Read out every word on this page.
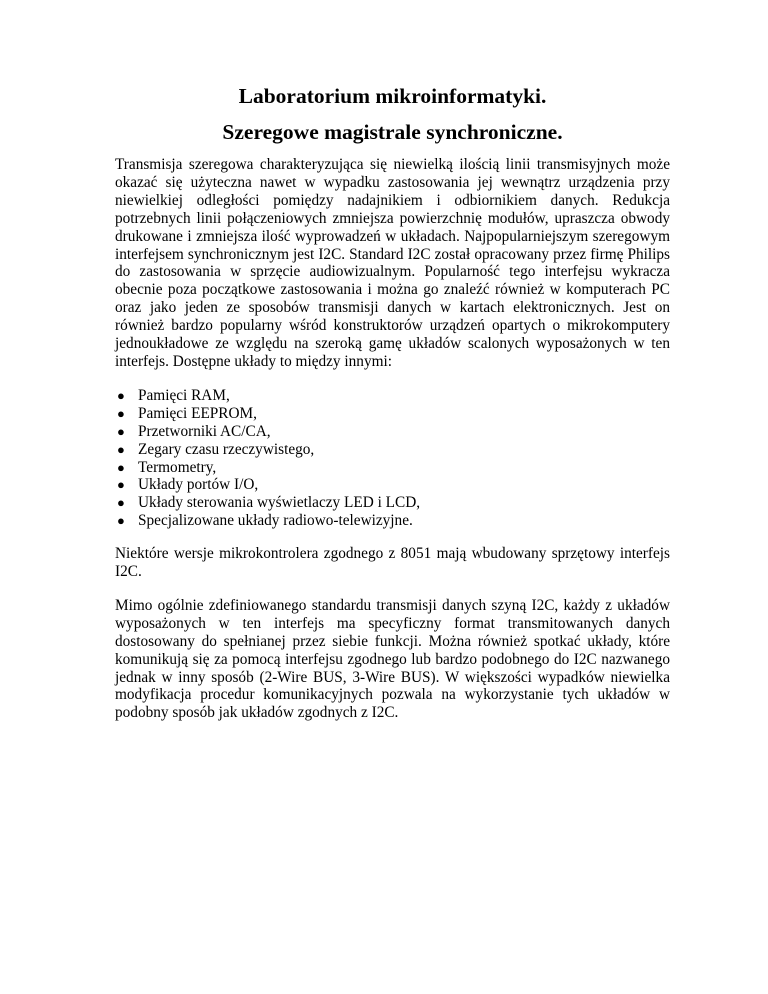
Laboratorium mikroinformatyki.
Szeregowe magistrale synchroniczne.

Transmisja szeregowa charakteryzująca się niewielką ilością linii transmisyjnych może okazać się użyteczna nawet w wypadku zastosowania jej wewnątrz urządzenia przy niewielkiej odległości pomiędzy nadajnikiem i odbiornikiem danych. Redukcja potrzebnych linii połączeniowych zmniejsza powierzchnię modułów, upraszcza obwody drukowane i zmniejsza ilość wyprowadzeń w układach. Najpopularniejszym szeregowym interfejsem synchronicznym jest I2C. Standard I2C został opracowany przez firmę Philips do zastosowania w sprzęcie audiowizualnym. Popularność tego interfejsu wykracza obecnie poza początkowe zastosowania i można go znaleźć również w komputerach PC oraz jako jeden ze sposobów transmisji danych w kartach elektronicznych. Jest on również bardzo popularny wśród konstruktorów urządzeń opartych o mikrokomputery jednoukładowe ze względu na szeroką gamę układów scalonych wyposażonych w ten interfejs. Dostępne układy to między innymi:

● Pamięci RAM,
● Pamięci EEPROM,
● Przetworniki AC/CA,
● Zegary czasu rzeczywistego,
● Termometry,
● Układy portów I/O,
● Układy sterowania wyświetlaczy LED i LCD,
● Specjalizowane układy radiowo-telewizyjne.

Niektóre wersje mikrokontrolera zgodnego z 8051 mają wbudowany sprzętowy interfejs I2C.

Mimo ogólnie zdefiniowanego standardu transmisji danych szyną I2C, każdy z układów wyposażonych w ten interfejs ma specyficzny format transmitowanych danych dostosowany do spełnianej przez siebie funkcji. Można również spotkać układy, które komunikują się za pomocą interfejsu zgodnego lub bardzo podobnego do I2C nazwanego jednak w inny sposób (2-Wire BUS, 3-Wire BUS). W większości wypadków niewielka modyfikacja procedur komunikacyjnych pozwala na wykorzystanie tych układów w podobny sposób jak układów zgodnych z I2C.
